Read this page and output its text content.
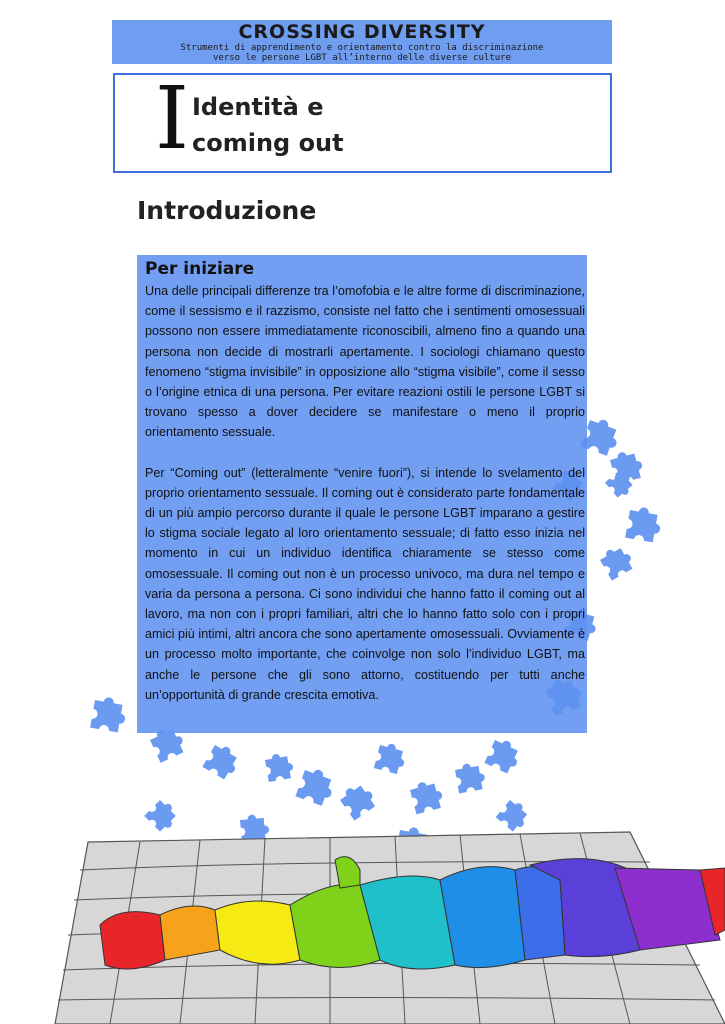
CROSSING DIVERSITY
Strumenti di apprendimento e orientamento contro la discriminazione
verso le persone LGBT all’interno delle diverse culture
I Identità e
coming out
Introduzione
Per iniziare

Una delle principali differenze tra l’omofobia e le altre forme di discriminazione, come il sessismo e il razzismo, consiste nel fatto che i sentimenti omosessuali possono non essere immediatamente riconoscibili, almeno fino a quando una persona non decide di mostrarli apertamente. I sociologi chiamano questo fenomeno “stigma invisibile” in opposizione allo “stigma visibile”, come il sesso o l’origine etnica di una persona. Per evitare reazioni ostili le persone LGBT si trovano spesso a dover decidere se manifestare o meno il proprio orientamento sessuale.

Per “Coming out” (letteralmente “venire fuori”), si intende lo svelamento del proprio orientamento sessuale. Il coming out è considerato parte fondamentale di un più ampio percorso durante il quale le persone LGBT imparano a gestire lo stigma sociale legato al loro orientamento sessuale; di fatto esso inizia nel momento in cui un individuo identifica chiaramente se stesso come omosessuale. Il coming out non è un processo univoco, ma dura nel tempo e varia da persona a persona. Ci sono individui che hanno fatto il coming out al lavoro, ma non con i propri familiari, altri che lo hanno fatto solo con i propri amici più intimi, altri ancora che sono apertamente omosessuali. Ovviamente è un processo molto importante, che coinvolge non solo l’individuo LGBT, ma anche le persone che gli sono attorno, costituendo per tutti anche un’opportunità di grande crescita emotiva.
